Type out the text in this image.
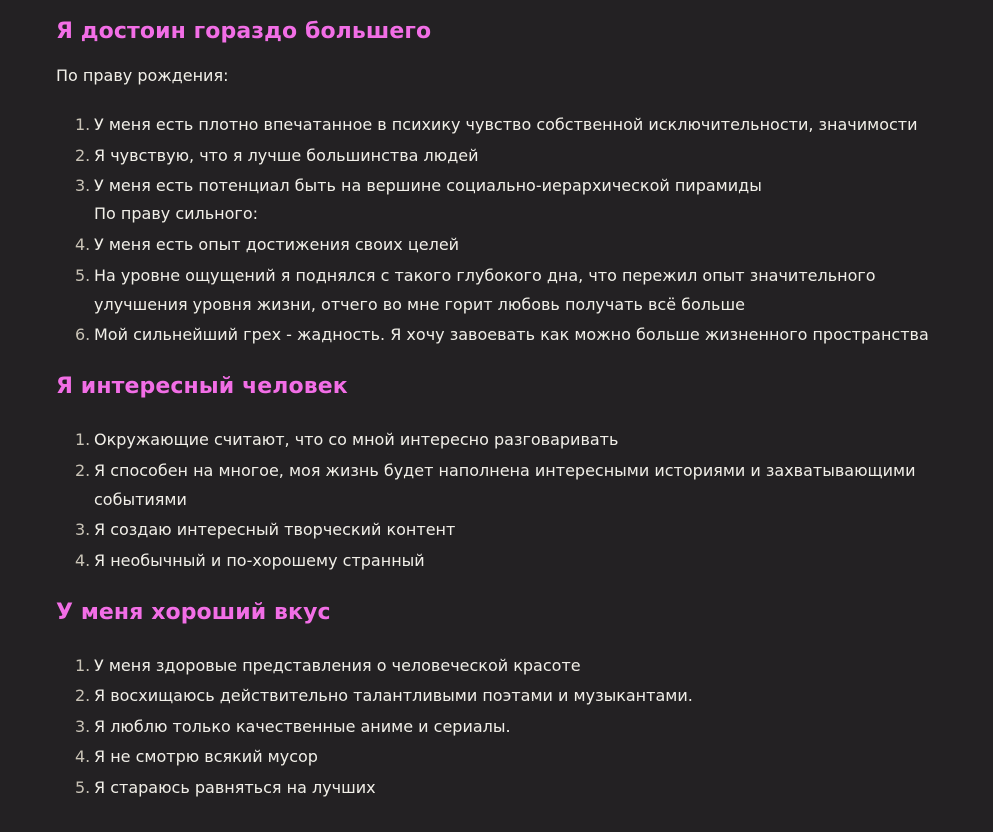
Я достоин гораздо большего

По праву рождения:

1. У меня есть плотно впечатанное в психику чувство собственной исключительности, значимости
2. Я чувствую, что я лучше большинства людей
3. У меня есть потенциал быть на вершине социально-иерархической пирамиды
По праву сильного:
4. У меня есть опыт достижения своих целей
5. На уровне ощущений я поднялся с такого глубокого дна, что пережил опыт значительного улучшения уровня жизни, отчего во мне горит любовь получать всё больше
6. Мой сильнейший грех - жадность. Я хочу завоевать как можно больше жизненного пространства
Я интересный человек
1. Окружающие считают, что со мной интересно разговаривать
2. Я способен на многое, моя жизнь будет наполнена интересными историями и захватывающими событиями
3. Я создаю интересный творческий контент
4. Я необычный и по-хорошему странный
У меня хороший вкус
1. У меня здоровые представления о человеческой красоте
2. Я восхищаюсь действительно талантливыми поэтами и музыкантами.
3. Я люблю только качественные аниме и сериалы.
4. Я не смотрю всякий мусор
5. Я стараюсь равняться на лучших
